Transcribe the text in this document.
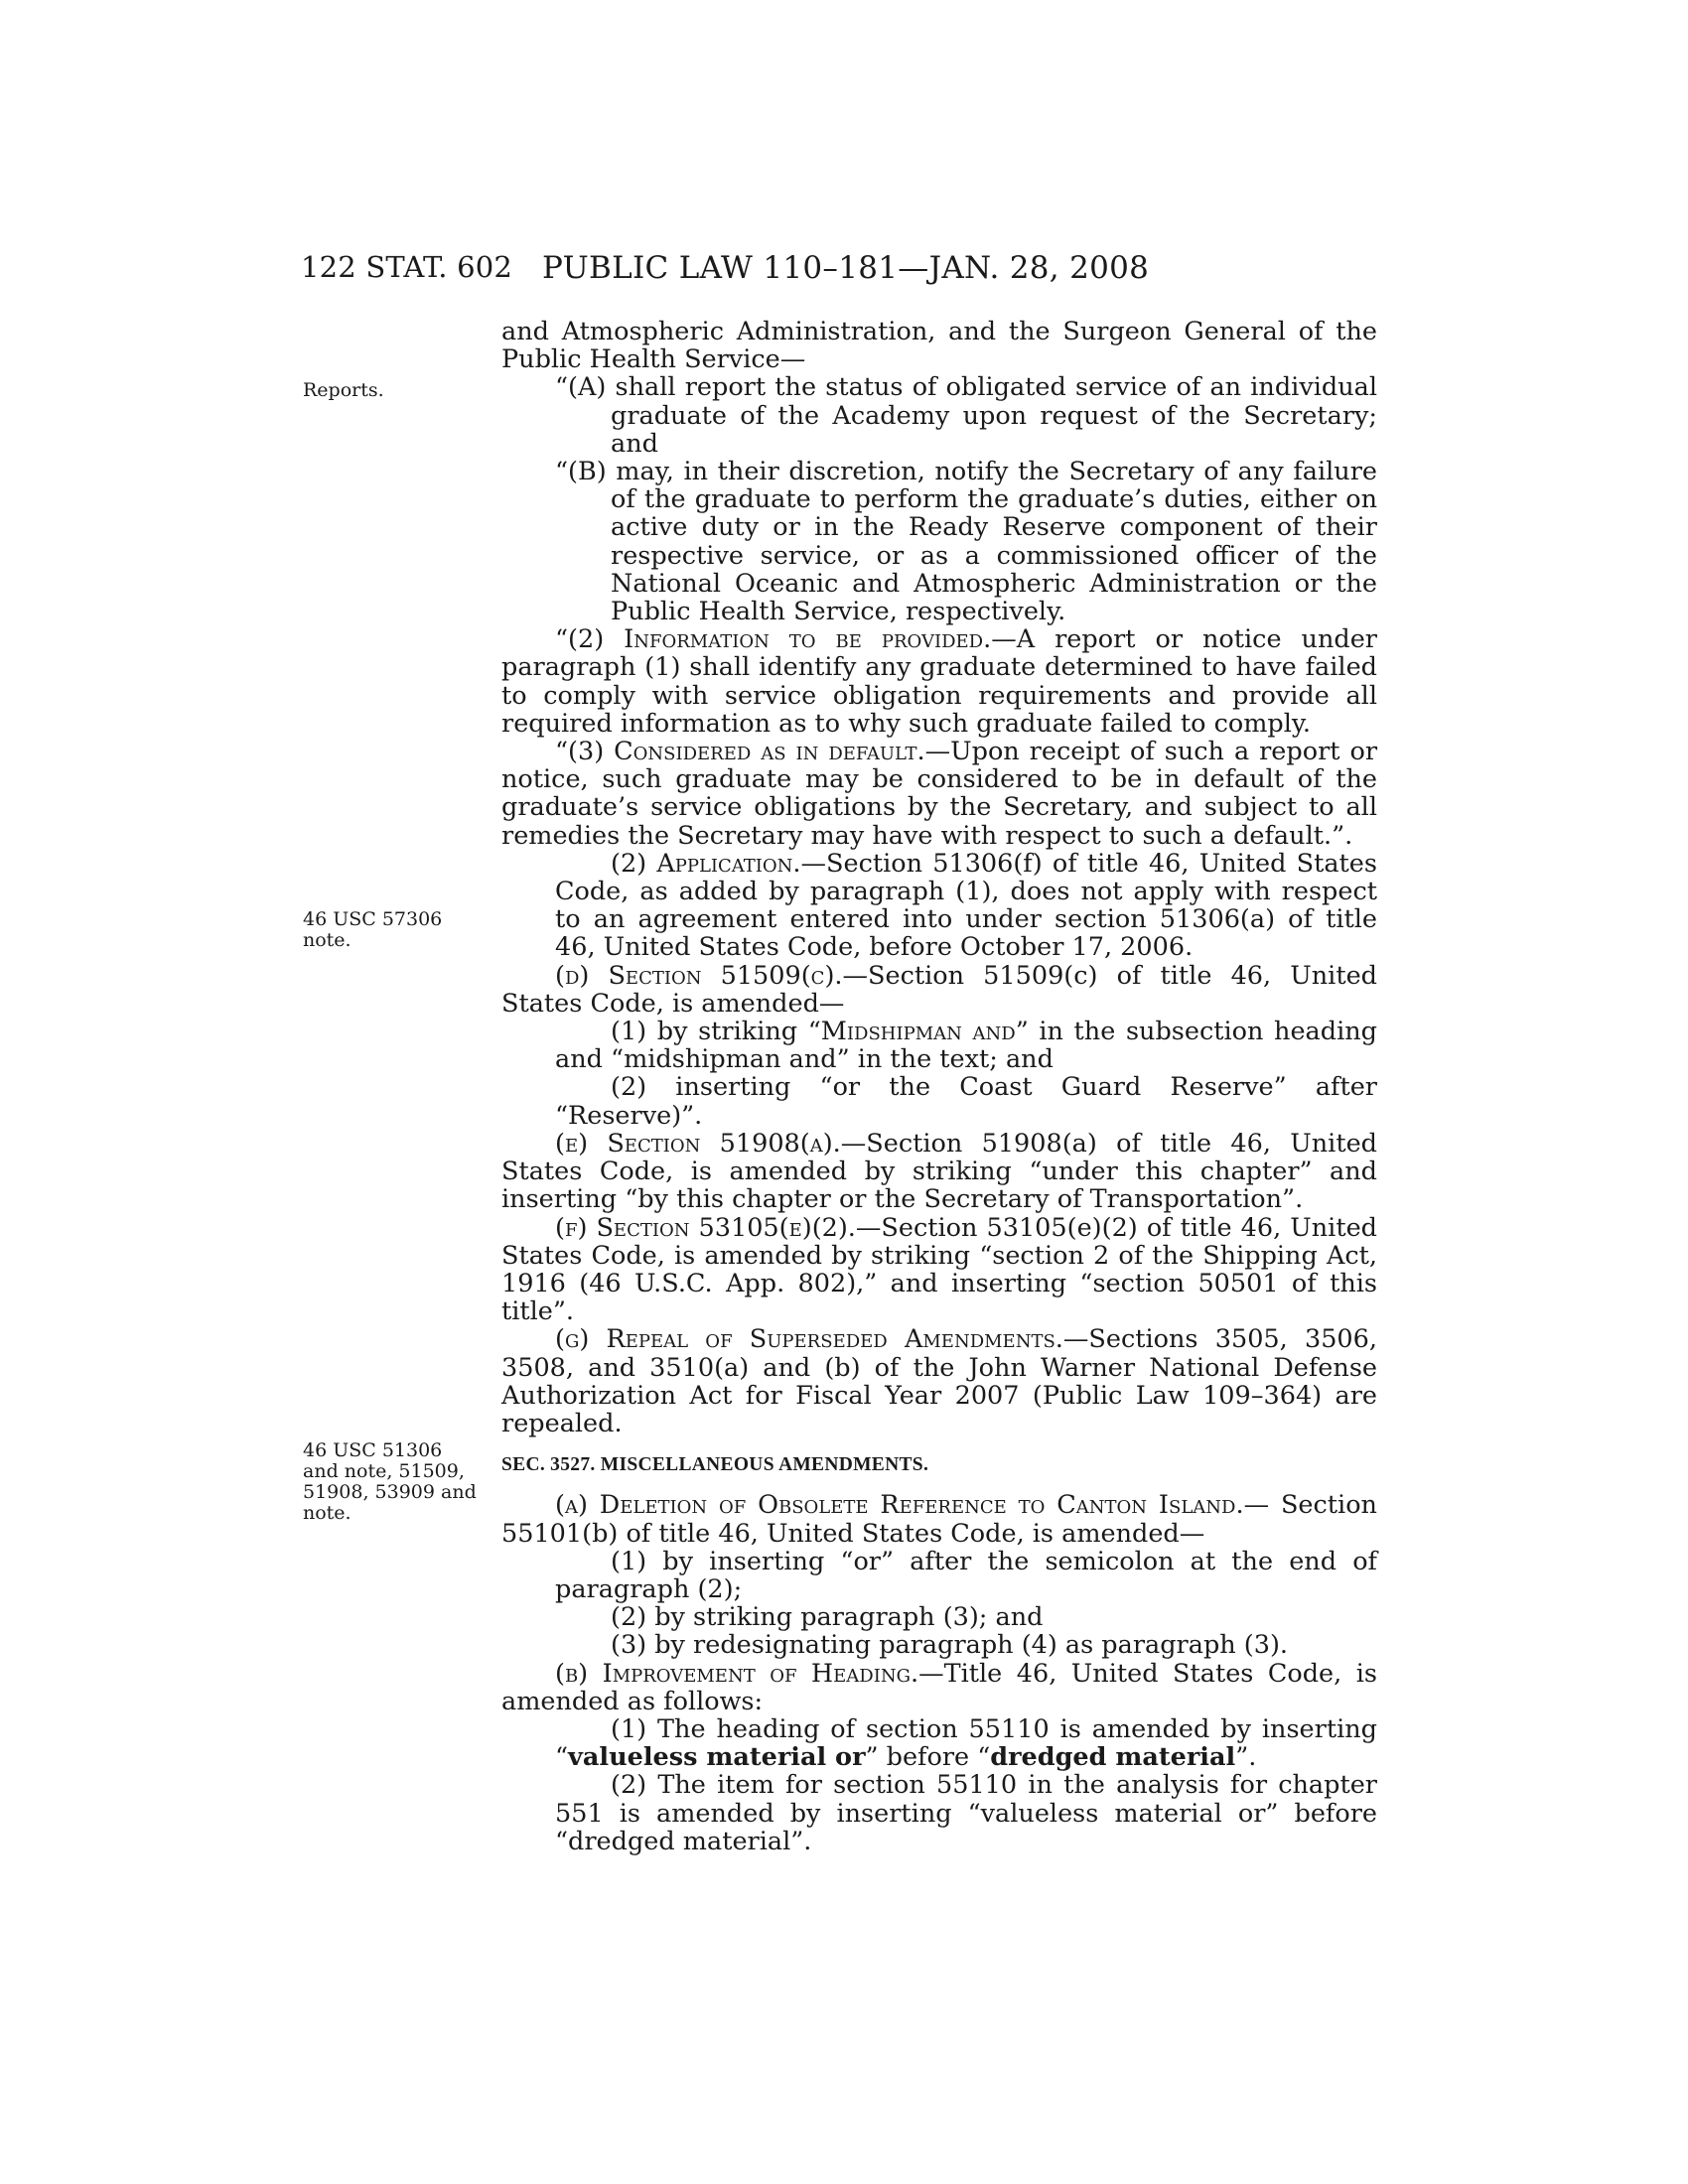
122 STAT. 602 PUBLIC LAW 110–181—JAN. 28, 2008
Reports.
46 USC 57306
note.
46 USC 51306
and note, 51509,
51908, 53909 and
note.

and Atmospheric Administration, and the Surgeon General of the Public Health Service—

“(A) shall report the status of obligated service of an individual graduate of the Academy upon request of the Secretary; and

“(B) may, in their discretion, notify the Secretary of any failure of the graduate to perform the graduate’s duties, either on active duty or in the Ready Reserve component of their respective service, or as a commissioned officer of the National Oceanic and Atmospheric Administration or the Public Health Service, respectively.

“(2) Information to be provided.—A report or notice under paragraph (1) shall identify any graduate determined to have failed to comply with service obligation requirements and provide all required information as to why such graduate failed to comply.

“(3) Considered as in default.—Upon receipt of such a report or notice, such graduate may be considered to be in default of the graduate’s service obligations by the Secretary, and subject to all remedies the Secretary may have with respect to such a default.”.

(2) Application.—Section 51306(f) of title 46, United States Code, as added by paragraph (1), does not apply with respect to an agreement entered into under section 51306(a) of title 46, United States Code, before October 17, 2006.

(d) Section 51509(c).—Section 51509(c) of title 46, United States Code, is amended—

(1) by striking “Midshipman and” in the subsection heading and “midshipman and” in the text; and

(2) inserting “or the Coast Guard Reserve” after “Reserve)”.

(e) Section 51908(a).—Section 51908(a) of title 46, United States Code, is amended by striking “under this chapter” and inserting “by this chapter or the Secretary of Transportation”.

(f) Section 53105(e)(2).—Section 53105(e)(2) of title 46, United States Code, is amended by striking “section 2 of the Shipping Act, 1916 (46 U.S.C. App. 802),” and inserting “section 50501 of this title”.

(g) Repeal of Superseded Amendments.—Sections 3505, 3506, 3508, and 3510(a) and (b) of the John Warner National Defense Authorization Act for Fiscal Year 2007 (Public Law 109–364) are repealed.

SEC. 3527. MISCELLANEOUS AMENDMENTS.

(a) Deletion of Obsolete Reference to Canton Island.— Section 55101(b) of title 46, United States Code, is amended—

(1) by inserting “or” after the semicolon at the end of paragraph (2);

(2) by striking paragraph (3); and

(3) by redesignating paragraph (4) as paragraph (3).

(b) Improvement of Heading.—Title 46, United States Code, is amended as follows:

(1) The heading of section 55110 is amended by inserting “valueless material or” before “dredged material”.

(2) The item for section 55110 in the analysis for chapter 551 is amended by inserting “valueless material or” before “dredged material”.
